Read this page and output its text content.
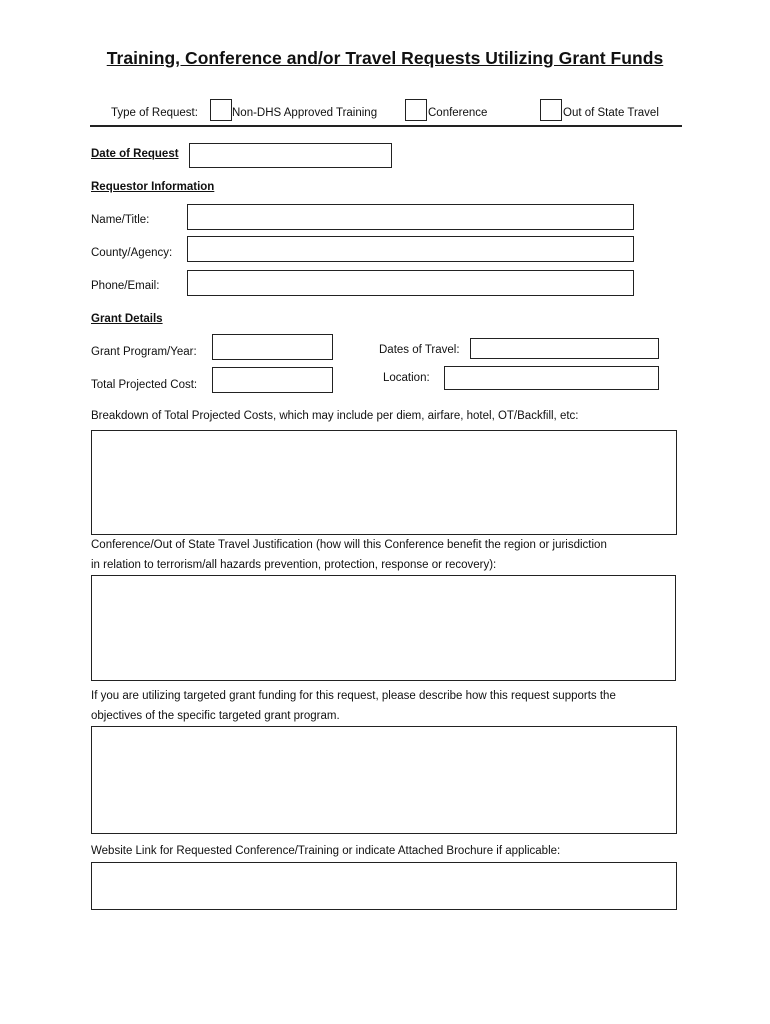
Training, Conference and/or Travel Requests Utilizing Grant Funds
Type of Request:	Non-DHS Approved Training	Conference	Out of State Travel
Date of Request
Requestor Information
Name/Title:
County/Agency:
Phone/Email:
Grant Details
Grant Program/Year:	Dates of Travel:
Total Projected Cost:
Location:
Breakdown of Total Projected Costs, which may include per diem, airfare, hotel, OT/Backfill, etc:
Conference/Out of State Travel Justification (how will this Conference benefit the region or jurisdiction
in relation to terrorism/all hazards prevention, protection, response or recovery):
If you are utilizing targeted grant funding for this request, please describe how this request supports the
objectives of the specific targeted grant program.
Website Link for Requested Conference/Training or indicate Attached Brochure if applicable:
